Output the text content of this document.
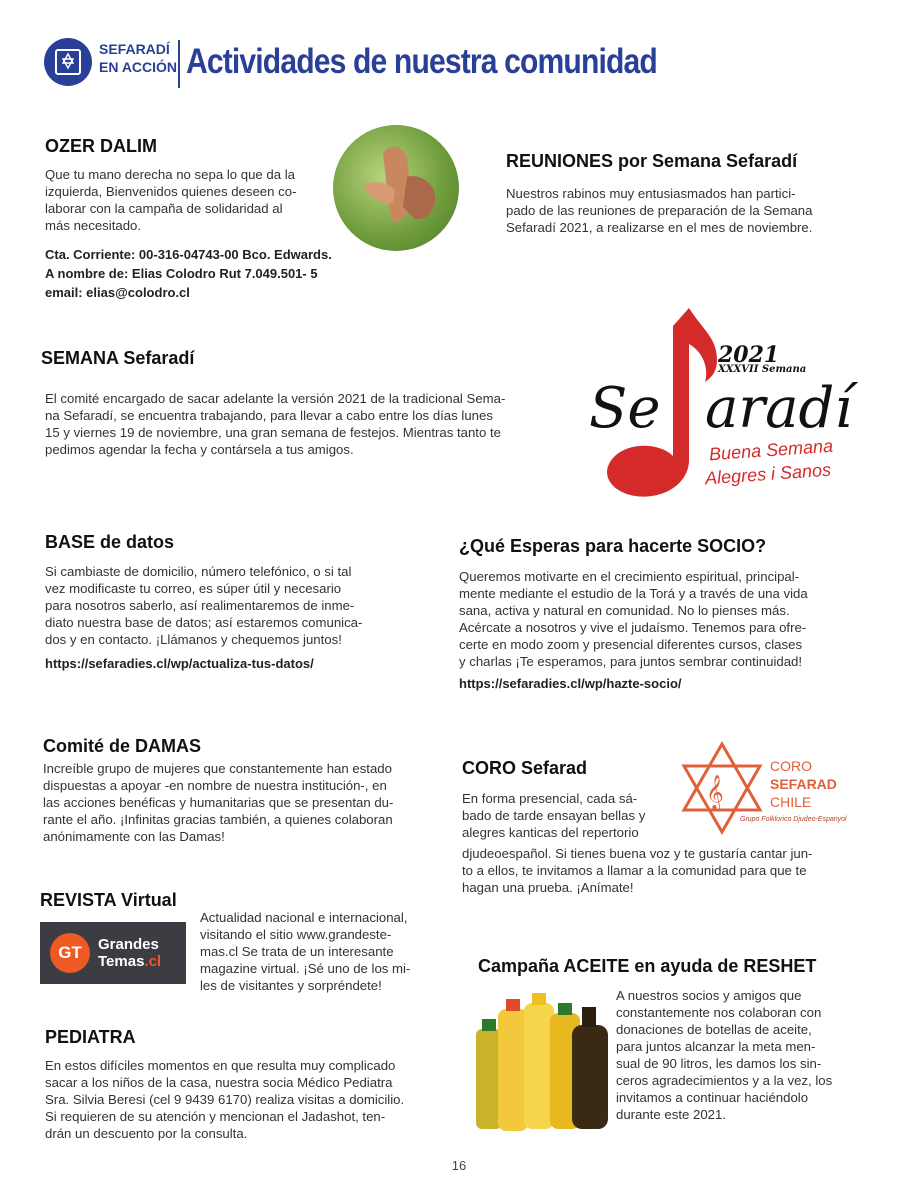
SEFARADÍ
EN ACCIÓN Actividades de nuestra comunidad
OZER DALIM
Que tu mano derecha no sepa lo que da la
izquierda, Bienvenidos quienes deseen co-
laborar con la campaña de solidaridad al
más necesitado.
Cta. Corriente: 00-316-04743-00 Bco. Edwards.
A nombre de: Elias Colodro Rut 7.049.501- 5
email: elias@colodro.cl
REUNIONES por Semana Sefaradí
Nuestros rabinos muy entusiasmados han partici-
pado de las reuniones de preparación de la Semana
Sefaradí 2021, a realizarse en el mes de noviembre.
SEMANA Sefaradí
El comité encargado de sacar adelante la versión 2021 de la tradicional Sema-
na Sefaradí, se encuentra trabajando, para llevar a cabo entre los días lunes
15 y viernes 19 de noviembre, una gran semana de festejos. Mientras tanto te
pedimos agendar la fecha y contársela a tus amigos.
2021
XXXVII Semana
Se aradí
Buena Semana
Alegres i Sanos
BASE de datos
Si cambiaste de domicilio, número telefónico, o si tal
vez modificaste tu correo, es súper útil y necesario
para nosotros saberlo, así realimentaremos de inme-
diato nuestra base de datos; así estaremos comunica-
dos y en contacto. ¡Llámanos y chequemos juntos!
https://sefaradies.cl/wp/actualiza-tus-datos/
¿Qué Esperas para hacerte SOCIO?
Queremos motivarte en el crecimiento espiritual, principal-
mente mediante el estudio de la Torá y a través de una vida
sana, activa y natural en comunidad. No lo pienses más.
Acércate a nosotros y vive el judaísmo. Tenemos para ofre-
certe en modo zoom y presencial diferentes cursos, clases
y charlas ¡Te esperamos, para juntos sembrar continuidad!
https://sefaradies.cl/wp/hazte-socio/
Comité de DAMAS
Increíble grupo de mujeres que constantemente han estado
dispuestas a apoyar -en nombre de nuestra institución-, en
las acciones benéficas y humanitarias que se presentan du-
rante el año. ¡Infinitas gracias también, a quienes colaboran
anónimamente con las Damas!
CORO Sefarad
En forma presencial, cada sá-
bado de tarde ensayan bellas y
alegres kanticas del repertorio
djudeoespañol. Si tienes buena voz y te gustaría cantar jun-
to a ellos, te invitamos a llamar a la comunidad para que te
hagan una prueba. ¡Anímate!
𝄞
CORO
SEFARAD
CHILE
Grupo Folklorico Djudeo-Espanyol
REVISTA Virtual
GT	Grandes
Temas.cl
Actualidad nacional e internacional,
visitando el sitio www.grandeste-
mas.cl Se trata de un interesante
magazine virtual. ¡Sé uno de los mi-
les de visitantes y sorpréndete!
Campaña ACEITE en ayuda de RESHET
A nuestros socios y amigos que
constantemente nos colaboran con
donaciones de botellas de aceite,
para juntos alcanzar la meta men-
sual de 90 litros, les damos los sin-
ceros agradecimientos y a la vez, los
invitamos a continuar haciéndolo
durante este 2021.
PEDIATRA
En estos difíciles momentos en que resulta muy complicado
sacar a los niños de la casa, nuestra socia Médico Pediatra
Sra. Silvia Beresi (cel 9 9439 6170) realiza visitas a domicilio.
Si requieren de su atención y mencionan el Jadashot, ten-
drán un descuento por la consulta.
16
